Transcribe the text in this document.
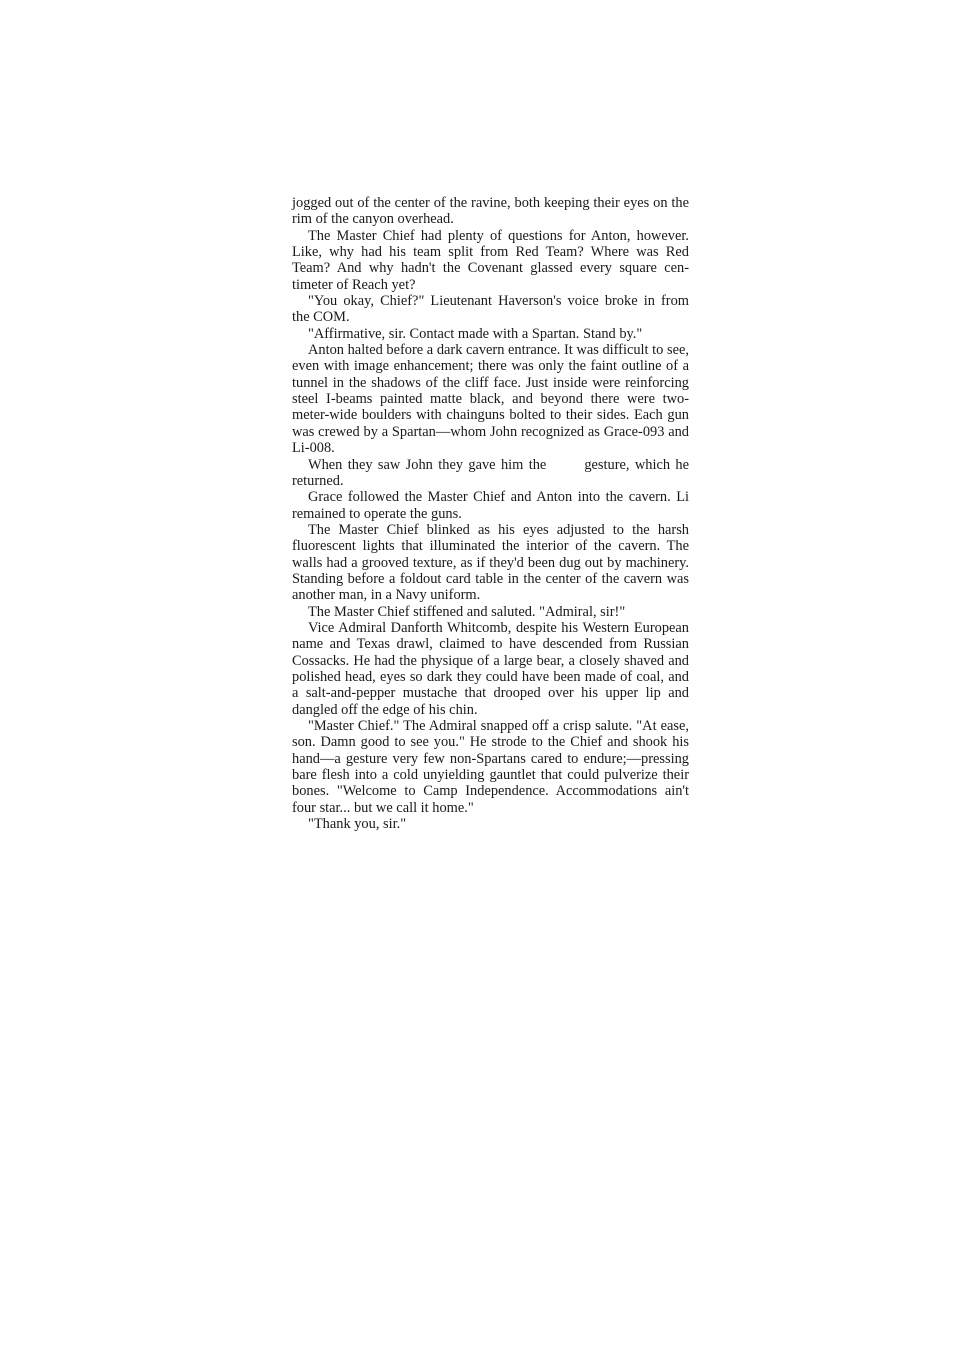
jogged out of the center of the ravine, both keeping their eyes on the rim of the canyon overhead.

The Master Chief had plenty of questions for Anton, however. Like, why had his team split from Red Team? Where was Red Team? And why hadn't the Covenant glassed every square centimeter of Reach yet?

"You okay, Chief?" Lieutenant Haverson's voice broke in from the COM.

"Affirmative, sir. Contact made with a Spartan. Stand by."

Anton halted before a dark cavern entrance. It was difficult to see, even with image enhancement; there was only the faint outline of a tunnel in the shadows of the cliff face. Just inside were reinforcing steel I-beams painted matte black, and beyond there were two-meter-wide boulders with chainguns bolted to their sides. Each gun was crewed by a Spartan—whom John recognized as Grace-093 and Li-008.

When they saw John they gave him the	gesture, which he returned.

Grace followed the Master Chief and Anton into the cavern. Li remained to operate the guns.

The Master Chief blinked as his eyes adjusted to the harsh fluorescent lights that illuminated the interior of the cavern. The walls had a grooved texture, as if they'd been dug out by machinery. Standing before a foldout card table in the center of the cavern was another man, in a Navy uniform.

The Master Chief stiffened and saluted. "Admiral, sir!"

Vice Admiral Danforth Whitcomb, despite his Western European name and Texas drawl, claimed to have descended from Russian Cossacks. He had the physique of a large bear, a closely shaved and polished head, eyes so dark they could have been made of coal, and a salt-and-pepper mustache that drooped over his upper lip and dangled off the edge of his chin.

"Master Chief." The Admiral snapped off a crisp salute. "At ease, son. Damn good to see you." He strode to the Chief and shook his hand—a gesture very few non-Spartans cared to endure;—pressing bare flesh into a cold unyielding gauntlet that could pulverize their bones. "Welcome to Camp Independence. Accommodations ain't four star... but we call it home."

"Thank you, sir."
